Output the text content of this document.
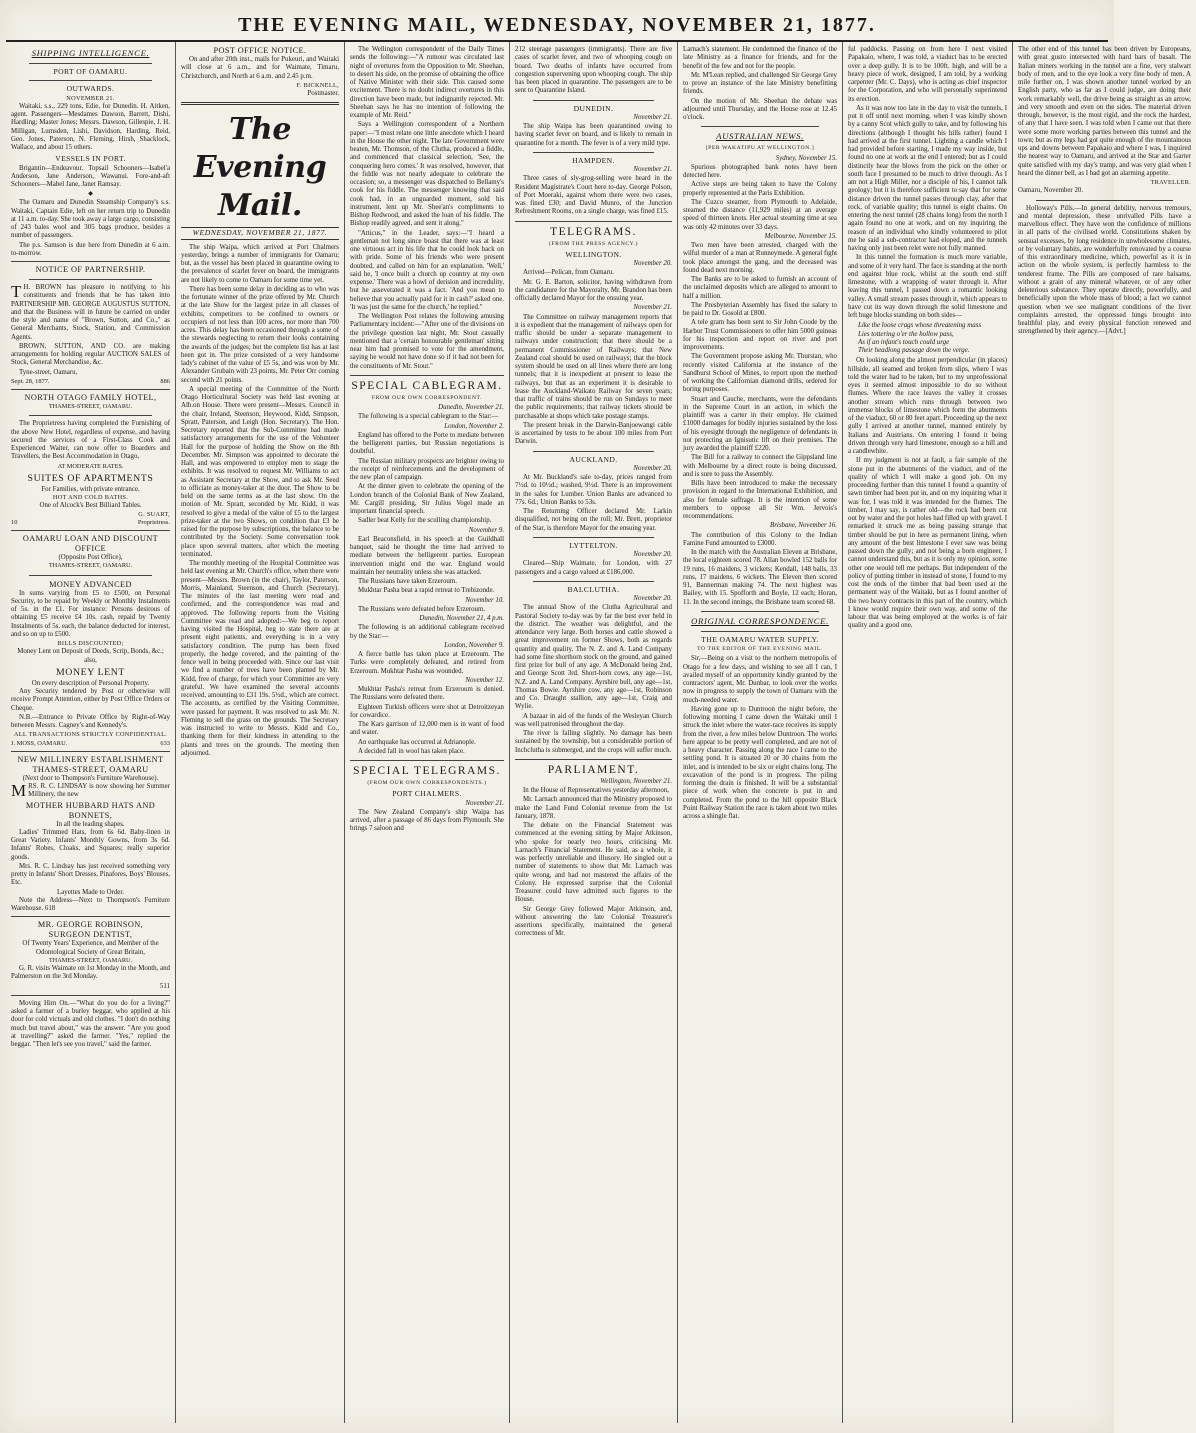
THE EVENING MAIL, WEDNESDAY, NOVEMBER 21, 1877.
SHIPPING INTELLIGENCE.
PORT OF OAMARU.
OUTWARDS.
NOVEMBER 21.

Waitaki, s.s., 229 tons, Edie, for Dunedin. H. Aitken, agent. Passengers—Mesdames Dawson, Barrett, Dishi, Hardling; Master Jones; Messrs. Dawson, Gillespie, J. H. Milligan, Lumsden, Lishi, Davidson, Harding, Reid, Geo. Jones, Paterson, N. Fleming, Hirsh, Shacklock, Wallace, and about 15 others.

VESSELS IN PORT.

Brigantin—Endeavour. Topsail Schooners—Isabel'a Anderson, Jane Anderson, Wawanui. Fore-and-aft Schooners—Mabel Jane, Janet Ramsay.

◆

The Oamaru and Dunedin Steamship Company's s.s. Waitaki, Captain Edie, left on her return trip to Dunedin at 11 a.m. to-day. She took away a large cargo, consisting of 243 bales wool and 305 bags produce, besides a number of passengers.

The p.s. Samson is due here from Dunedin at 6 a.m. to-morrow.

NOTICE OF PARTNERSHIP.

T H. BROWN has pleasure in notifying to his constituents and friends that he has taken into PARTNERSHIP MR. GEORGE AUGUSTUS SUTTON, and that the Business will in future be carried on under the style and name of "Brown, Sutton, and Co.," as General Merchants, Stock, Station, and Commission Agents.

BROWN, SUTTON, AND CO. are making arrangements for holding regular AUCTION SALES of Stock, General Merchandise, &c.

Tyne-street, Oamaru,

Sept. 28, 1877.	886
NORTH OTAGO FAMILY HOTEL,
THAMES-STREET, OAMARU.

The Proprietress having completed the Furnishing of the above New Hotel, regardless of expense, and having secured the services of a First-Class Cook and Experienced Waiter, can now offer to Boarders and Travellers, the Best Accommodation in Otago,

AT MODERATE RATES.
SUITES OF APARTMENTS
For Families, with private entrance.
HOT AND COLD BATHS.
One of Alcock's Best Billiard Tables.
G. SUART,
10	Proprietress.
OAMARU LOAN AND DISCOUNT OFFICE
(Opposite Post Office),
THAMES-STREET, OAMARU.
MONEY ADVANCED

In sums varying from £5 to £500, on Personal Security, to be repaid by Weekly or Monthly Instalments of 5s. in the £1. For instance: Persons desirous of obtaining £5 receive £4 10s. cash, repaid by Twenty Instalments of 5s. each, the balance deducted for interest, and so on up to £500.

BILLS DISCOUNTED;
Money Lent on Deposit of Deeds, Scrip, Bonds, &c.; also,
MONEY LENT
On every description of Personal Property.

Any Security tendered by Post or otherwise will receive Prompt Attention, either by Post Office Orders or Cheque.

N.B.—Entrance to Private Office by Right-of-Way between Messrs. Cagney's and Kennedy's.

ALL TRANSACTIONS STRICTLY CONFIDENTIAL.
J. MOSS, OAMARU.	633
NEW MILLINERY ESTABLISHMENT THAMES-STREET, OAMARU
(Next door to Thompson's Furniture Warehouse).

MRS. R. C. LINDSAY is now showing her Summer Millinery, the new

MOTHER HUBBARD HATS AND BONNETS,
In all the leading shapes.

Ladies' Trimmed Hats, from 6s 6d. Baby-linen in Great Variety. Infants' Monthly Gowns, from 3s 6d. Infants' Robes, Cloaks, and Squares; really superior goods.

Mrs. R. C. Lindsay has just received something very pretty in Infants' Short Dresses, Pinafores, Boys' Blouses, Etc.

Layettes Made to Order.

Note the Address—Next to Thompson's Furniture Warehouse. 618

MR. GEORGE ROBINSON,
SURGEON DENTIST,
Of Twenty Years' Experience, and Member of the Odontological Society of Great Britain,
THAMES-STREET, OAMARU.

G. R. visits Waimate on 1st Monday in the Month, and Palmerston on the 3rd Monday.

511

Moving Him On.—"What do you do for a living?" asked a farmer of a burley beggar, who applied at his door for cold victuals and old clothes. "I don't do nothing much but travel about," was the answer. "Are you good at travelling?" asked the farmer. "Yes," replied the beggar. "Then let's see you travel," said the farmer.

POST OFFICE NOTICE.

On and after 20th inst., mails for Pukeuri, and Waitaki will close at 6 a.m., and for Waimate, Timaru, Christchurch, and North at 6 a.m. and 2.45 p.m.

F. BICKNELL,
Postmaster.
The Evening Mail.
WEDNESDAY, NOVEMBER 21, 1877.

The ship Waipa, which arrived at Port Chalmers yesterday, brings a number of immigrants for Oamaru; but, as the vessel has been placed in quarantine owing to the prevalence of scarlet fever on board, the immigrants are not likely to come to Oamaru for some time yet.

There has been some delay in deciding as to who was the fortunate winner of the prize offered by Mr. Church at the late Show for the largest prize in all classes of exhibits, competitors to be confined to owners or occupiers of not less than 100 acres, nor more than 700 acres. This delay has been occasioned through a some of the stewards neglecting to return their looks containing the awards of the judges; but the complete list has at last been got in. The prize consisted of a very handsome lady's cabinet of the value of £5 5s, and was won by Mr. Alexander Grubain with 23 points, Mr. Peter Orr coming second with 21 points.

A special meeting of the Committee of the North Otago Horticultural Society was held last evening at Alb.on House. There were present—Messrs. Council in the chair, Ireland, Steenson, Heywood, Kidd, Simpson, Spratt, Paterson, and Leigh (Hon. Secretary). The Hon. Secretary reported that the Sub-Committee had made satisfactory arrangements for the use of the Volunteer Hall for the purpose of holding the Show on the 8th December. Mr. Simpson was appointed to decorate the Hall, and was empowered to employ men to stage the exhibits. It was resolved to request Mr. Williams to act as Assistant Secretary at the Show, and to ask Mr. Seed to officiate as money-taker at the door. The Show to be held on the same terms as at the last show. On the motion of Mr. Spratt, seconded by Mr. Kidd, it was resolved to give a medal of the value of £5 to the largest prize-taker at the two Shows, on condition that £3 be raised for the purpose by subscriptions, the balance to be contributed by the Society. Some conversation took place upon several matters, after which the meeting terminated.

The monthly meeting of the Hospital Committee was held last evening at Mr. Church's office, when there were present—Messrs. Brown (in the chair), Taylor, Paterson, Morris, Mainland, Steenson, and Church (Secretary). The minutes of the last meeting were read and confirmed, and the correspondence was read and approved. The following reports from the Visiting Committee was read and adopted:—We beg to report having visited the Hospital, beg to state there are at present eight patients, and everything is in a very satisfactory condition. The pump has been fixed properly, the hedge covered, and the painting of the fence well in being proceeded with. Since our last visit we find a number of trees have been planted by Mr. Kidd, free of charge, for which your Committee are very grateful. We have examined the several accounts received, amounting to £31 19s. 5½d., which are correct. The accounts, as certified by the Visiting Committee, were passed for payment. It was resolved to ask Mr. N. Fleming to sell the grass on the grounds. The Secretary was instructed to write to Messrs. Kidd and Co., thanking them for their kindness in attending to the plants and trees on the grounds. The meeting then adjourned.

The Wellington correspondent of the Daily Times sends the following:—"A rumour was circulated last night of overtures from the Opposition to Mr. Sheehan, to desert his side, on the promise of obtaining the office of Native Minister with their side. This caused some excitement. There is no doubt indirect overtures in this direction have been made, but indignantly rejected. Mr. Sheehan says he has no intention of following the example of Mr. Reid."

Says a Wellington correspondent of a Northern paper:—"I must relate one little anecdote which I heard in the House the other night. The late Government were beaten, Mr. Thomson, of the Clutha, produced a fiddle, and commenced that classical selection, 'See, the conquering hero comes.' It was resolved, however, that the fiddle was not nearly adequate to celebrate the occasion; so, a messenger was dispatched to Bellamy's cook for his fiddle. The messenger knowing that said cook had, in an unguarded moment, sold his instrument, lent up Mr. Shee'an's compliments to Bishop Redwood, and asked the loan of his fiddle. The Bishop readily agreed, and sent it along."

"Atticus," in the Leader, says:—"I heard a gentleman not long since boast that there was at least one virtuous act in his life that he could look back on with pride. Some of his friends who were present doubted, and called on him for an explanation. 'Well,' said he, 'I once built a church up country at my own expense.' There was a howl of derision and incredulity, but he asseverated it was a fact. 'And you mean to believe that you actually paid for it in cash?' asked one. 'It was just the same for the church,' he replied."

The Wellington Post relates the following amusing Parliamentary incident:—"After one of the divisions on the privilege question last night, Mr. Stout casually mentioned that a 'certain honourable gentleman' sitting near him had promised to vote for the amendment, saying he would not have done so if it had not been for the constituents of Mr. Stout."

SPECIAL CABLEGRAM.
FROM OUR OWN CORRESPONDENT.
Dunedin, November 21.

The following is a special cablegram to the Star:—

London, November 2.

England has offered to the Porte to mediate between the belligerent parties, but Russian negotiations is doubtful.

The Russian military prospects are brighter owing to the receipt of reinforcements and the development of the new plan of campaign.

At the dinner given to celebrate the opening of the London branch of the Colonial Bank of New Zealand, Mr. Cargill presiding, Sir Julius Vogel made an important financial speech.

Sadler beat Kelly for the sculling championship.

November 9.

Earl Beaconsfield, in his speech at the Guildhall banquet, said he thought the time had arrived to mediate between the belligerent parties. European intervention might end the war. England would maintain her neutrality unless she was attacked.

The Russians have taken Erzeroum.

Mukhtar Pasha beat a rapid retreat to Trebizonde.

November 10.

The Russians were defeated before Erzeroum.

Dunedin, November 21, 4 p.m.

The following is an additional cablegram received by the Star:—

London, November 9.

A fierce battle has taken place at Erzeroum. The Turks were completely defeated, and retired from Erzeroum. Mukhtar Pasha was wounded.

November 12.

Mukhtar Pasha's retreat from Erzeroum is denied. The Russians were defeated there.

Eighteen Turkish officers were shot at Detroitzeyan for cowardice.

The Kars garrison of 12,000 men is in want of food and water.

An earthquake has occurred at Adrianople.

A decided fall in wool has taken place.

SPECIAL TELEGRAMS.
(FROM OUR OWN CORRESPONDENTS.)
PORT CHALMERS.
November 21.

The New Zealand Company's ship Waipa has arrived, after a passage of 86 days from Plymouth. She brings 7 saloon and

212 steerage passengers (immigrants). There are five cases of scarlet fever, and two of whooping cough on board. Two deaths of infants have occurred from congestion supervening upon whooping cough. The ship has been placed in quarantine. The passengers are to be sent to Quarantine Island.

DUNEDIN.
November 21.

The ship Waipa has been quarantined owing to having scarlet fever on board, and is likely to remain in quarantine for a month. The fever is of a very mild type.

HAMPDEN.
November 21.

Three cases of sly-grog-selling were heard in the Resident Magistrate's Court here to-day. George Polson, of Port Moeraki, against whom there were two cases, was fined £30; and David Munro, of the Junction Refreshment Rooms, on a single charge, was fined £15.

TELEGRAMS.
(FROM THE PRESS AGENCY.)
WELLINGTON.
November 20.

Arrived—Pelican, from Oamaru.

Mr. G. E. Barton, solicitor, having withdrawn from the candidature for the Mayoralty, Mr. Brandon has been officially declared Mayor for the ensuing year.

November 21.

The Committee on railway management reports that it is expedient that the management of railways open for traffic should be under a separate management to railways under construction; that there should be a permanent Commissioner of Railways; that New Zealand coal should be used on railways; that the block system should be used on all lines where there are long tunnels; that it is inexpedient at present to lease the railways, but that as an experiment it is desirable to lease the Auckland-Waikato Railway for seven years; that traffic of trains should be run on Sundays to meet the public requirements; that railway tickets should be purchasable at shops which take postage stamps.

The present break in the Darwin-Banjoewangi cable is ascertained by tests to be about 100 miles from Port Darwin.

AUCKLAND.
November 20.

At Mr. Buckland's sale to-day, prices ranged from 7½d. to 10½d.; washed, 9½d. There is an improvement in the sales for Lumber. Union Banks are advanced to 77s. 6d.; Union Banks to 53s.

The Returning Officer declared Mr. Larkin disqualified, not being on the roll; Mr. Brett, proprietor of the Star, is therefore Mayor for the ensuing year.

LYTTELTON.
November 20.

Cleared—Ship Waimate, for London, with 27 passengers and a cargo valued at £186,000.

BALCLUTHA.
November 20.

The annual Show of the Clutha Agricultural and Pastoral Society to-day was by far the best ever held in the district. The weather was delightful, and the attendance very large. Both horses and cattle showed a great improvement on former Shows, both as regards quantity and quality. The N. Z. and A. Land Company had some fine shorthorn stock on the ground, and gained first prize for bull of any age. A McDonald being 2nd, and George Scott 3rd. Short-horn cows, any age—1st, N.Z. and A. Land Company. Ayrshire bull, any age—1st, Thomas Bowie. Ayrshire cow, any age—1st, Robinson and Co. Draught stallion, any age—1st, Craig and Wylie.

A bazaar in aid of the funds of the Wesleyan Church was well patronised throughout the day.

The river is falling slightly. No damage has been sustained by the township, but a considerable portion of Inchclutha is submerged, and the crops will suffer much.

PARLIAMENT.
Wellington, November 21.

In the House of Representatives yesterday afternoon,

Mr. Larnach announced that the Ministry proposed to make the Land Fund Colonial revenue from the 1st January, 1878.

The debate on the Financial Statement was commenced at the evening sitting by Major Atkinson, who spoke for nearly two hours, criticising Mr. Larnach's Financial Statement. He said, as a whole, it was perfectly unreliable and illusory. He singled out a number of statements to show that Mr. Larnach was quite wrong, and had not mastered the affairs of the Colony. He expressed surprise that the Colonial Treasurer could have admitted such figures to the House.

Sir George Grey followed Major Atkinson, and, without answering the late Colonial Treasurer's assertions specifically, maintained the general correctness of Mr.

Larnach's statement. He condemned the finance of the late Ministry as a finance for friends, and for the benefit of the few and not for the people.

Mr. M'Lean replied, and challenged Sir George Grey to prove an instance of the late Ministry benefitting friends.

On the motion of Mr. Sheehan the debate was adjourned until Thursday, and the House rose at 12.45 o'clock.

AUSTRALIAN NEWS.
[PER WAKATIPU AT WELLINGTON.]
Sydney, November 15.

Spurious photographed bank notes have been detected here.

Active steps are being taken to have the Colony properly represented at the Paris Exhibition.

The Cuzco steamer, from Plymouth to Adelaide, steamed the distance (11,929 miles) at an average speed of thirteen knots. Her actual steaming time at sea was only 42 minutes over 33 days.

Melbourne, November 15.

Two men have been arrested, charged with the wilful murder of a man at Runneymede. A general fight took place amongst the gang, and the deceased was found dead next morning.

The Banks are to be asked to furnish an account of the unclaimed deposits which are alleged to amount to half a million.

The Presbyterian Assembly has fixed the salary to be paid to Dr. Gosold at £800.

A tele gram has been sent to Sir John Coode by the Harbor Trust Commissioners to offer him 5000 guineas for his inspection and report on river and port improvements.

The Government propose asking Mr. Thurstan, who recently visited California at the instance of the Sandhurst School of Mines, to report upon the method of working the Californian diamond drills, ordered for boring purposes.

Stuart and Cauche, merchants, were the defendants in the Supreme Court in an action, in which the plaintiff was a carter in their employ. He claimed £1000 damages for bodily injuries sustained by the loss of his eyesight through the negligence of defendants in not protecting an Ignisutic lift on their premises. The jury awarded the plaintiff £220.

The Bill for a railway to connect the Gippsland line with Melbourne by a direct route is being discussed, and is sure to pass the Assembly.

Bills have been introduced to make the necessary provision in regard to the International Exhibition, and also for female suffrage. It is the intention of some members to oppose all Sir Wm. Jervois's recommendations.

Brisbane, November 16.

The contribution of this Colony to the Indian Famine Fund amounted to £3000.

In the match with the Australian Eleven at Brisbane, the local eighteen scored 78. Allan bowled 152 balls for 19 runs, 16 maidens, 3 wickets; Kendall, 148 balls, 33 runs, 17 maidens, 6 wickets. The Eleven then scored 91, Bannerman making 74. The next highest was Bailey, with 15. Spofforth and Boyle, 12 each; Horan, 11. In the second innings, the Brisbane team scored 68.

ORIGINAL CORRESPONDENCE.
THE OAMARU WATER SUPPLY.
TO THE EDITOR OF THE EVENING MAIL.

Sir,—Being on a visit to the northern metropolis of Otago for a few days, and wishing to see all I can, I availed myself of an opportunity kindly granted by the contractors' agent, Mr. Dunbar, to look over the works now in progress to supply the town of Oamaru with the much-needed water.

Having gone up to Duntroon the night before, the following morning I came down the Waitaki until I struck the inlet where the water-race receives its supply from the river, a few miles below Duntroon. The works here appear to be pretty well completed, and are not of a heavy character. Passing along the race I came to the settling pond. It is situated 20 or 30 chains from the inlet, and is intended to be six or eight chains long. The excavation of the pond is in progress. The piling forming the drain is finished. It will be a substantial piece of work when the concrete is put in and completed. From the pond to the hill opposite Black Point Railway Station the race is taken about two miles across a shingle flat.

ful paddocks. Passing on from here I next visited Papakaio, where, I was told, a viaduct has to be erected over a deep gully. It is to be 100ft. high, and will be a heavy piece of work, designed, I am told, by a working carpenter (Mr. C. Days), who is acting as chief inspector for the Corporation, and who will personally superintend its erection.

As it was now too late in the day to visit the tunnels, I put it off until next morning, when I was kindly shown by a canny Scot which gully to take, and by following his directions (although I thought his hills rather) found I had arrived at the first tunnel. Lighting a candle which I had provided before starting, I made my way inside, but found no one at work at the end I entered; but as I could distinctly hear the blows from the pick on the other or south face I presumed to be much to drive through. As I am not a High Miller, nor a disciple of his, I cannot talk geology; but it is therefore sufficient to say that for some distance driven the tunnel passes through clay, after that rock, of variable quality; this tunnel is eight chains. On entering the next tunnel (28 chains long) from the north I again found no one at work, and on my inquiring the reason of an individual who kindly volunteered to pilot me he said a sub-contractor had eloped, and the tunnels having only just been relet were not fully manned.

In this tunnel the formation is much more variable, and some of it very hard. The face is standing at the north end against blue rock, whilst at the south end stiff limestone, with a wrapping of water through it. After leaving this tunnel, I passed down a romantic looking valley. A small stream passes through it, which appears to have cut its way down through the solid limestone and left huge blocks standing on both sides—

Like the loose crags whose threatening mass
Lies tottering o'er the hollow pass,
As if an infant's touch could urge
Their headlong passage down the verge.

On looking along the almost perpendicular (in places) hillside, all seamed and broken from slips, where I was told the water had to be taken, but to my unprofessional eyes it seemed almost impossible to do so without flumes. Where the race leaves the valley it crosses another stream which runs through between two immense blocks of limestone which form the abutments of the viaduct, 60 or 80 feet apart. Proceeding up the next gully I arrived at another tunnel, manned entirely by Italians and Austrians. On entering I found it being driven through very hard limestone, enough so a hill and a candlewhite.

If my judgment is not at fault, a fair sample of the stone put in the abutments of the viaduct, and of the quality of which I will make a good job. On my proceeding further than this tunnel I found a quantity of sawn timber had been put in, and on my inquiring what it was for, I was told it was intended for the flumes. The timber, I may say, is rather old—the rock had been cut out by water and the pot holes had filled up with gravel. I remarked it struck me as being passing strange that timber should be put in here as permanent lining, when any amount of the best limestone I ever saw was being passed down the gully; and not being a born engineer, I cannot understand this, but as it is only my opinion, some other one would tell me perhaps. But independent of the policy of putting timber in instead of stone, I found to my cost the ends of the timber that had been used at the permanent way of the Waitaki, but as I found another of the two heavy contracts in this part of the country, which I know would require their own way, and some of the labour that was being employed at the works is of fair quality and a good one.

The other end of this tunnel has been driven by Europeans, with great gusto intersected with hard bars of basalt. The Italian miners working in the tunnel are a fine, very stalwart body of men, and to the eye look a very fine body of men. A mile further on, I was shown another tunnel worked by an English party, who as far as I could judge, are doing their work remarkably well, the drive being as straight as an arrow, and very smooth and even on the sides. The material driven through, however, is the most rigid, and the rock the hardest, of any that I have seen. I was told when I came out that there were some more working parties between this tunnel and the town; but as my legs had got quite enough of the mountainous ups and downs between Papakaio and where I was, I inquired the nearest way to Oamaru, and arrived at the Star and Garter quite satisfied with my day's tramp, and was very glad when I heard the dinner bell, as I had got an alarming appetite.

TRAVELLER.
Oamaru, November 20.

Holloway's Pills.—In general debility, nervous tremours, and mental depression, these unrivalled Pills have a marvellous effect. They have won the confidence of millions in all parts of the civilised world. Constitutions shaken by sensual excesses, by long residence in unwholesome climates, or by voluntary habits, are wonderfully renovated by a course of this extraordinary medicine, which, powerful as it is in action on the whole system, is perfectly harmless to the tenderest frame. The Pills are composed of rare balsams, without a grain of any mineral whatever, or of any other deleterious substance. They operate directly, powerfully, and beneficially upon the whole mass of blood; a fact we cannot question when we see malignant conditions of the liver complaints arrested, the oppressed lungs brought into healthful play, and every physical function renewed and strengthened by their agency.—[Advt.]
